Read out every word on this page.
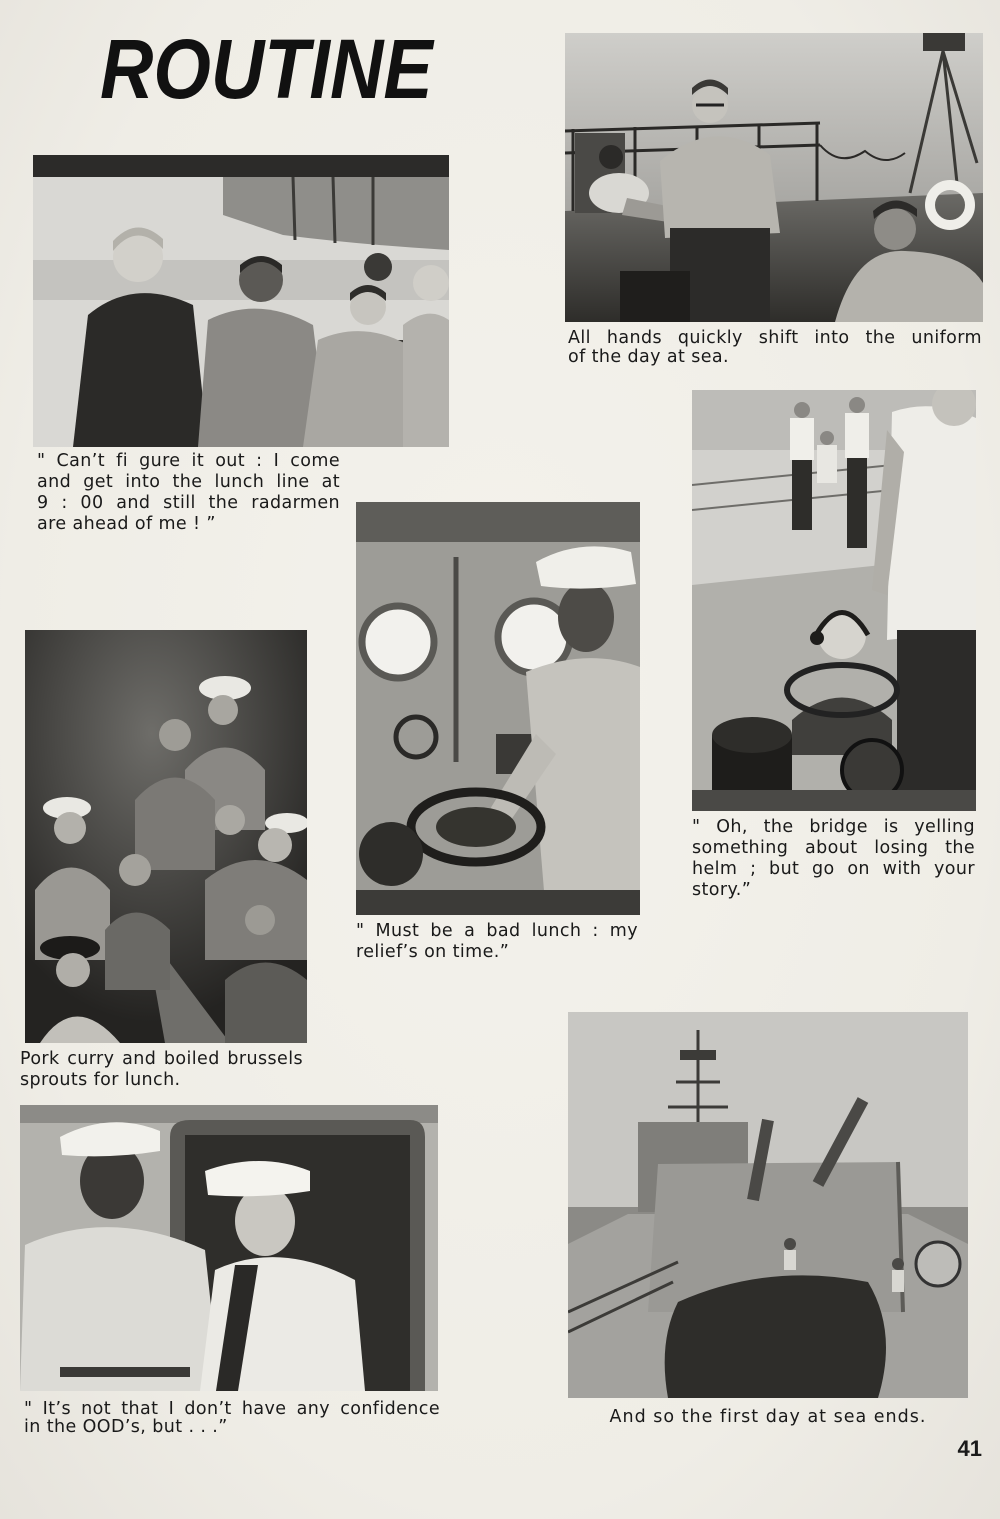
ROUTINE
All hands quickly shift into the uniform
of the day at sea.
" Can’t fi gure it out : I come
and get into the lunch line at
9 : 00 and still the radarmen
are ahead of me ! ”
" Oh, the bridge is yelling
something about losing the
helm ; but go on with your
story.”
" Must be a bad lunch : my
relief’s on time.”
Pork curry and boiled brussels
sprouts for lunch.
" It’s not that I don’t have any confidence
in the OOD’s, but . . .”	And so the first day at sea ends.
41
